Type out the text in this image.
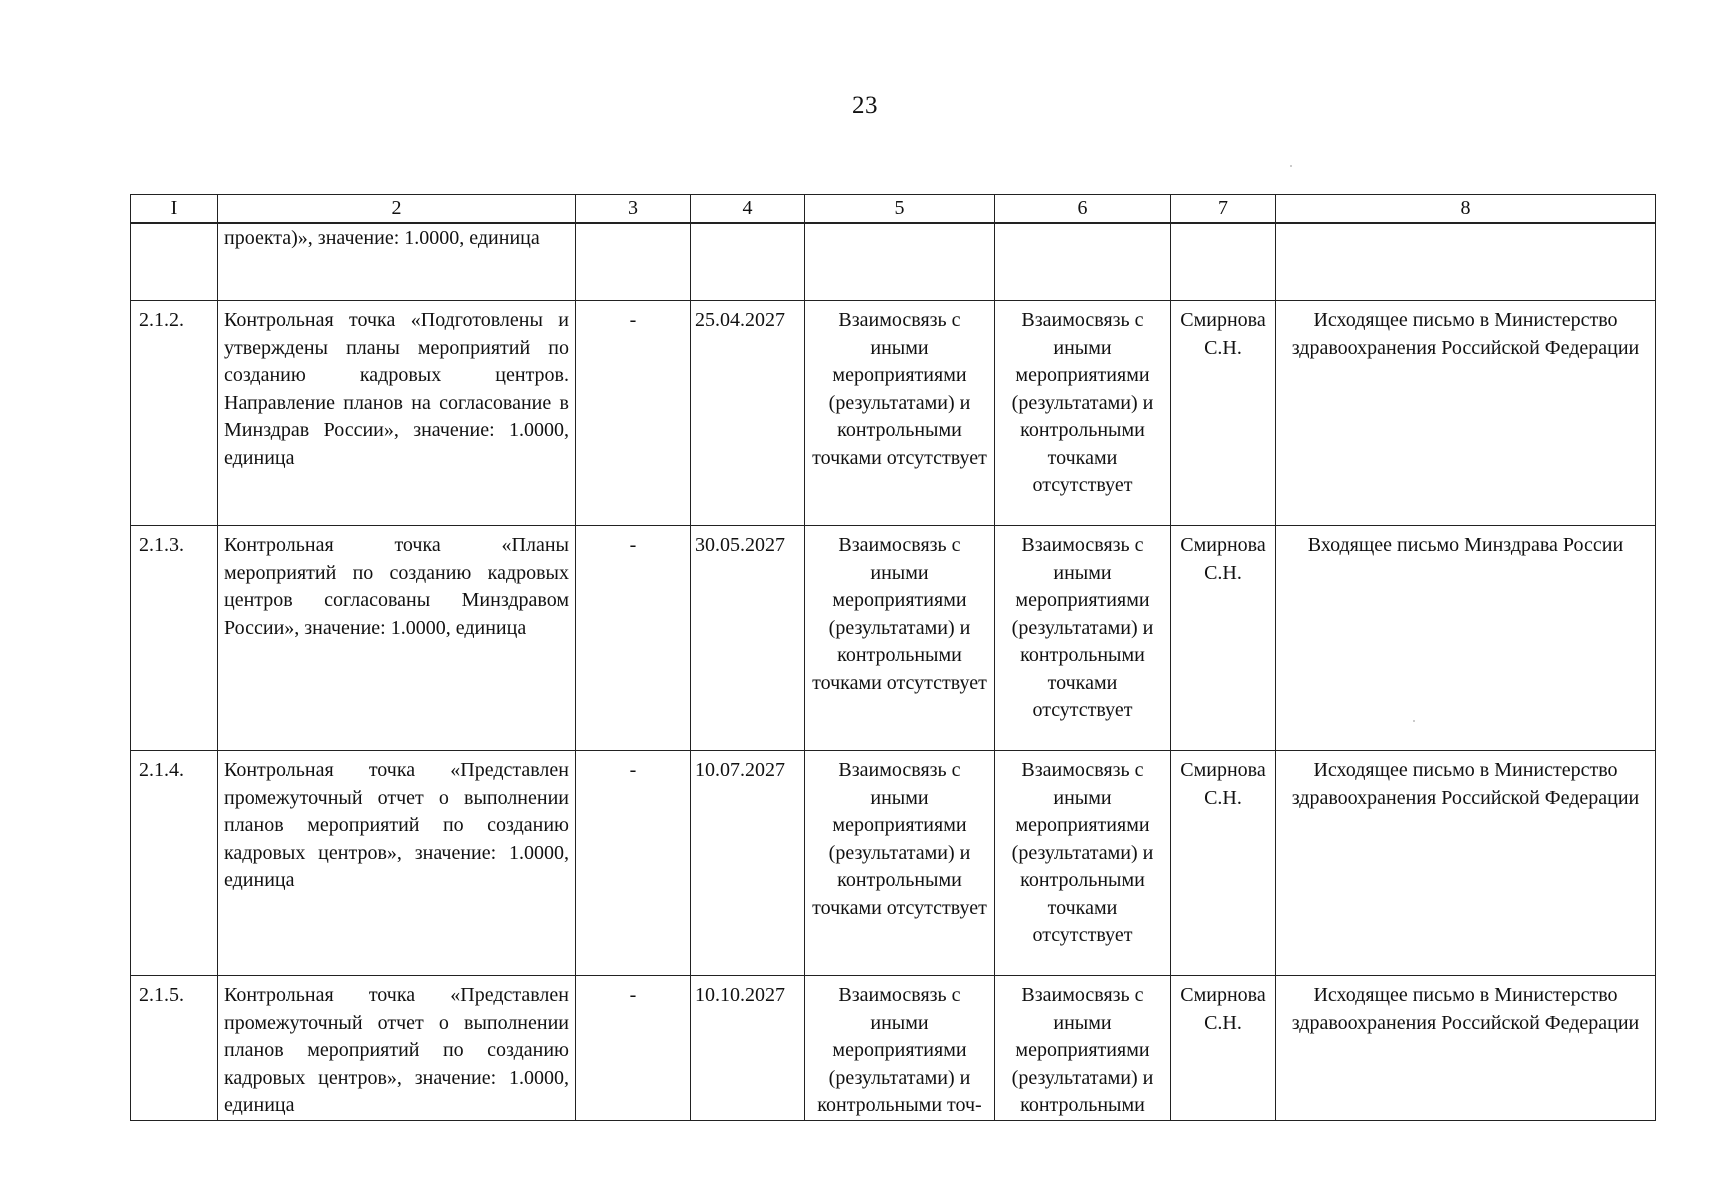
23
I	2	3	4	5	6	7	8
	проекта)», значение: 1.0000, единица						
2.1.2.	Контрольная точка «Подготовлены и утверждены планы мероприятий по созданию кадровых центров. Направление планов на согласование в Минздрав России», значение: 1.0000, единица	-	25.04.2027	Взаимосвязь с иными мероприятиями (результатами) и контрольными точками отсутствует	Взаимосвязь с иными мероприятиями (результатами) и контрольными точками отсутствует	Смирнова С.Н.	Исходящее письмо в Министерство здравоохранения Российской Федерации
2.1.3.	Контрольная точка «Планы мероприятий по созданию кадровых центров согласованы Минздравом России», значение: 1.0000, единица	-	30.05.2027	Взаимосвязь с иными мероприятиями (результатами) и контрольными точками отсутствует	Взаимосвязь с иными мероприятиями (результатами) и контрольными точками отсутствует	Смирнова С.Н.	Входящее письмо Минздрава России
2.1.4.	Контрольная точка «Представлен промежуточный отчет о выполнении планов мероприятий по созданию кадровых центров», значение: 1.0000, единица	-	10.07.2027	Взаимосвязь с иными мероприятиями (результатами) и контрольными точками отсутствует	Взаимосвязь с иными мероприятиями (результатами) и контрольными точками отсутствует	Смирнова С.Н.	Исходящее письмо в Министерство здравоохранения Российской Федерации
2.1.5.	Контрольная точка «Представлен промежуточный отчет о выполнении планов мероприятий по созданию кадровых центров», значение: 1.0000, единица	-	10.10.2027	Взаимосвязь с иными мероприятиями (результатами) и контрольными точ-	Взаимосвязь с иными мероприятиями (результатами) и контрольными	Смирнова С.Н.	Исходящее письмо в Министерство здравоохранения Российской Федерации
